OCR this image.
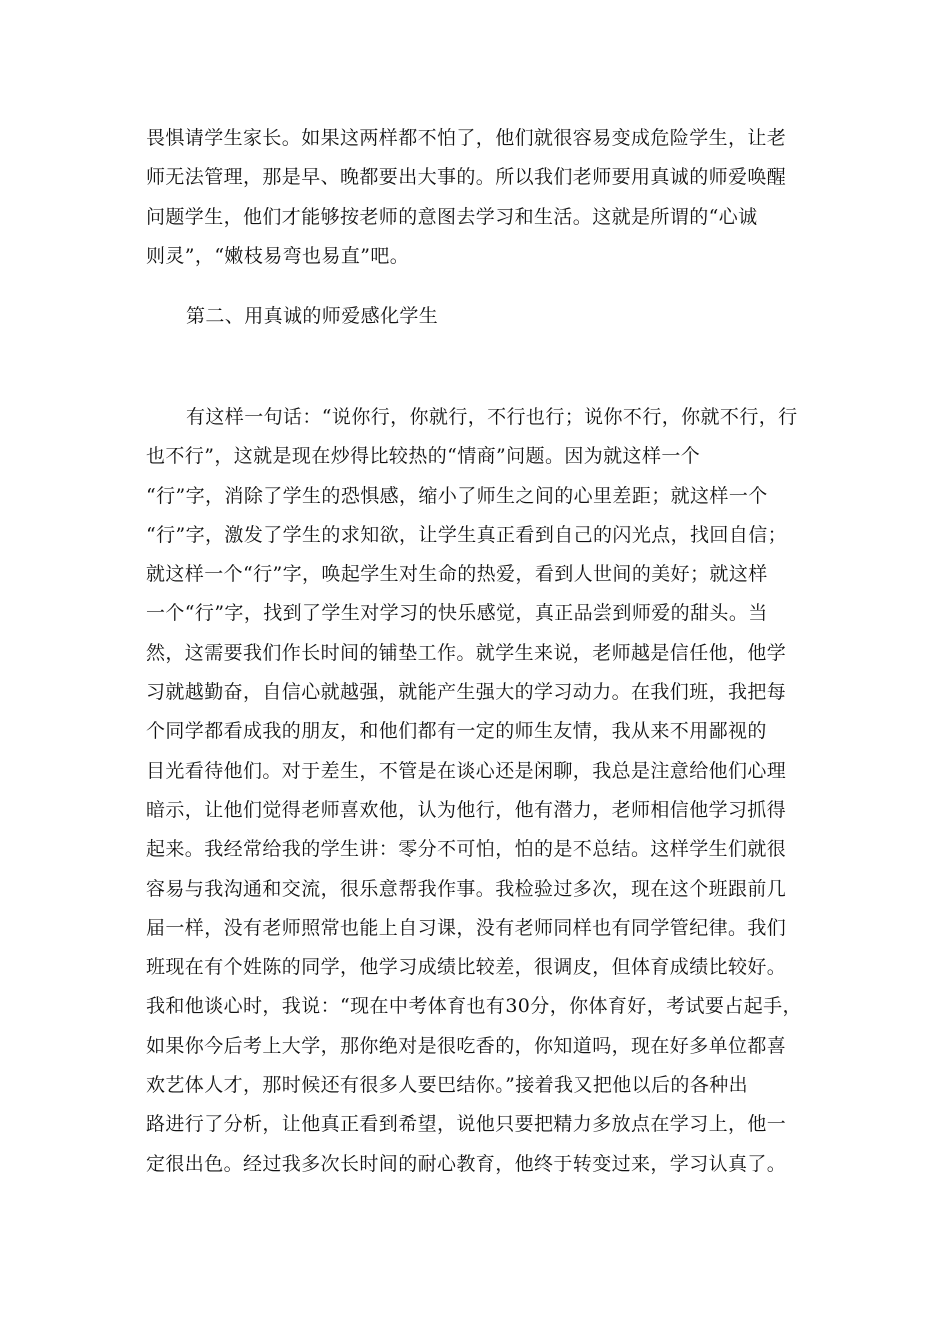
畏惧请学生家长。如果这两样都不怕了，他们就很容易变成危险学生，让老
师无法管理，那是早、晚都要出大事的。所以我们老师要用真诚的师爱唤醒
问题学生，他们才能够按老师的意图去学习和生活。这就是所谓的“心诚
则灵”，“嫩枝易弯也易直”吧。
第二、用真诚的师爱感化学生
有这样一句话：“说你行，你就行，不行也行；说你不行，你就不行，行
也不行”，这就是现在炒得比较热的“情商”问题。因为就这样一个
“行”字，消除了学生的恐惧感，缩小了师生之间的心里差距；就这样一个
“行”字，激发了学生的求知欲，让学生真正看到自己的闪光点，找回自信；
就这样一个“行”字，唤起学生对生命的热爱，看到人世间的美好；就这样
一个“行”字，找到了学生对学习的快乐感觉，真正品尝到师爱的甜头。当
然，这需要我们作长时间的铺垫工作。就学生来说，老师越是信任他，他学
习就越勤奋，自信心就越强，就能产生强大的学习动力。在我们班，我把每
个同学都看成我的朋友，和他们都有一定的师生友情，我从来不用鄙视的
目光看待他们。对于差生，不管是在谈心还是闲聊，我总是注意给他们心理
暗示，让他们觉得老师喜欢他，认为他行，他有潜力，老师相信他学习抓得
起来。我经常给我的学生讲：零分不可怕，怕的是不总结。这样学生们就很
容易与我沟通和交流，很乐意帮我作事。我检验过多次，现在这个班跟前几
届一样，没有老师照常也能上自习课，没有老师同样也有同学管纪律。我们
班现在有个姓陈的同学，他学习成绩比较差，很调皮，但体育成绩比较好。
我和他谈心时，我说：“现在中考体育也有30分，你体育好，考试要占起手，
如果你今后考上大学，那你绝对是很吃香的，你知道吗，现在好多单位都喜
欢艺体人才，那时候还有很多人要巴结你。”接着我又把他以后的各种出
路进行了分析，让他真正看到希望，说他只要把精力多放点在学习上，他一
定很出色。经过我多次长时间的耐心教育，他终于转变过来，学习认真了。
